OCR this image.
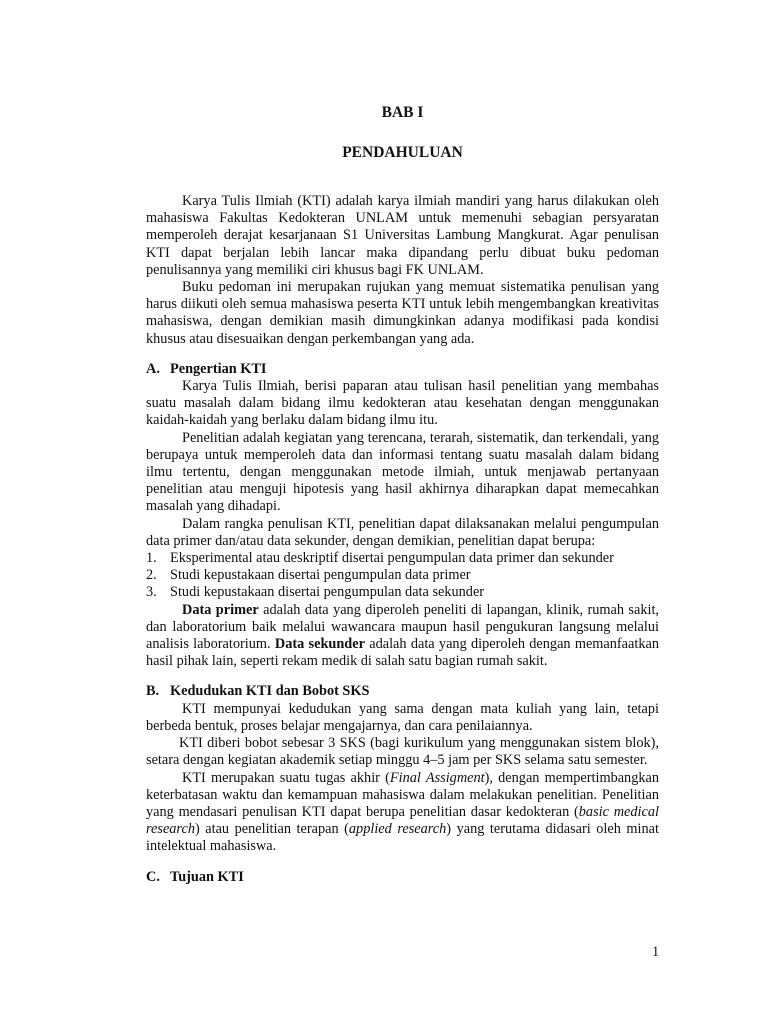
BAB I
PENDAHULUAN

Karya Tulis Ilmiah (KTI) adalah karya ilmiah mandiri yang harus dilakukan oleh mahasiswa Fakultas Kedokteran UNLAM untuk memenuhi sebagian persyaratan memperoleh derajat kesarjanaan S1 Universitas Lambung Mangkurat. Agar penulisan KTI dapat berjalan lebih lancar maka dipandang perlu dibuat buku pedoman penulisannya yang memiliki ciri khusus bagi FK UNLAM.

Buku pedoman ini merupakan rujukan yang memuat sistematika penulisan yang harus diikuti oleh semua mahasiswa peserta KTI untuk lebih mengembangkan kreativitas mahasiswa, dengan demikian masih dimungkinkan adanya modifikasi pada kondisi khusus atau disesuaikan dengan perkembangan yang ada.

A. Pengertian KTI

Karya Tulis Ilmiah, berisi paparan atau tulisan hasil penelitian yang membahas suatu masalah dalam bidang ilmu kedokteran atau kesehatan dengan menggunakan kaidah-kaidah yang berlaku dalam bidang ilmu itu.

Penelitian adalah kegiatan yang terencana, terarah, sistematik, dan terkendali, yang berupaya untuk memperoleh data dan informasi tentang suatu masalah dalam bidang ilmu tertentu, dengan menggunakan metode ilmiah, untuk menjawab pertanyaan penelitian atau menguji hipotesis yang hasil akhirnya diharapkan dapat memecahkan masalah yang dihadapi.

Dalam rangka penulisan KTI, penelitian dapat dilaksanakan melalui pengumpulan data primer dan/atau data sekunder, dengan demikian, penelitian dapat berupa:

1. Eksperimental atau deskriptif disertai pengumpulan data primer dan sekunder
2. Studi kepustakaan disertai pengumpulan data primer
3. Studi kepustakaan disertai pengumpulan data sekunder

Data primer adalah data yang diperoleh peneliti di lapangan, klinik, rumah sakit, dan laboratorium baik melalui wawancara maupun hasil pengukuran langsung melalui analisis laboratorium. Data sekunder adalah data yang diperoleh dengan memanfaatkan hasil pihak lain, seperti rekam medik di salah satu bagian rumah sakit.

B. Kedudukan KTI dan Bobot SKS

KTI mempunyai kedudukan yang sama dengan mata kuliah yang lain, tetapi berbeda bentuk, proses belajar mengajarnya, dan cara penilaiannya.

KTI diberi bobot sebesar 3 SKS (bagi kurikulum yang menggunakan sistem blok), setara dengan kegiatan akademik setiap minggu 4–5 jam per SKS selama satu semester.

KTI merupakan suatu tugas akhir (Final Assigment), dengan mempertimbangkan keterbatasan waktu dan kemampuan mahasiswa dalam melakukan penelitian. Penelitian yang mendasari penulisan KTI dapat berupa penelitian dasar kedokteran (basic medical research) atau penelitian terapan (applied research) yang terutama didasari oleh minat intelektual mahasiswa.

C. Tujuan KTI
1
